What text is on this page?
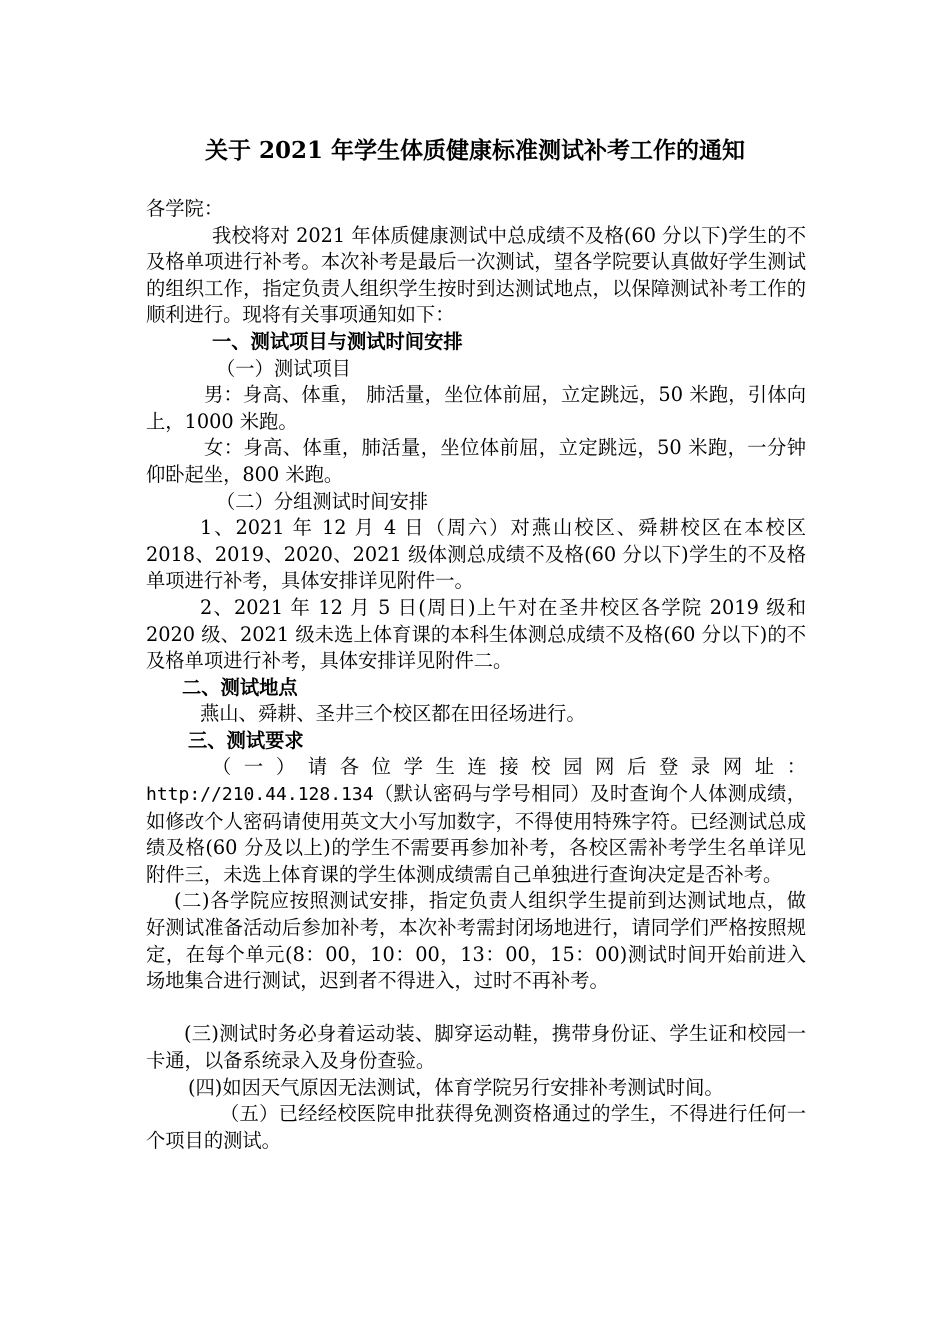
关于 2021 年学生体质健康标准测试补考工作的通知

各学院：

我校将对 2021 年体质健康测试中总成绩不及格(60 分以下)学生的不及格单项进行补考。本次补考是最后一次测试，望各学院要认真做好学生测试的组织工作，指定负责人组织学生按时到达测试地点，以保障测试补考工作的顺利进行。现将有关事项通知如下：

一、测试项目与测试时间安排

（一）测试项目

男：身高、体重， 肺活量，坐位体前屈，立定跳远，50 米跑，引体向上，1000 米跑。

女：身高、体重，肺活量，坐位体前屈，立定跳远，50 米跑，一分钟仰卧起坐，800 米跑。

（二）分组测试时间安排

1、2021 年 12 月 4 日（周六）对燕山校区、舜耕校区在本校区 2018、2019、2020、2021 级体测总成绩不及格(60 分以下)学生的不及格单项进行补考，具体安排详见附件一。

2、2021 年 12 月 5 日(周日)上午对在圣井校区各学院 2019 级和 2020 级、2021 级未选上体育课的本科生体测总成绩不及格(60 分以下)的不及格单项进行补考，具体安排详见附件二。

二、测试地点

燕山、舜耕、圣井三个校区都在田径场进行。

三、测试要求

（一）请各位学生连接校园网后登录网址：

http://210.44.128.134（默认密码与学号相同）及时查询个人体测成绩，如修改个人密码请使用英文大小写加数字，不得使用特殊字符。已经测试总成绩及格(60 分及以上)的学生不需要再参加补考，各校区需补考学生名单详见附件三，未选上体育课的学生体测成绩需自己单独进行查询决定是否补考。

(二)各学院应按照测试安排，指定负责人组织学生提前到达测试地点，做好测试准备活动后参加补考，本次补考需封闭场地进行，请同学们严格按照规定，在每个单元(8：00，10：00，13：00，15：00)测试时间开始前进入场地集合进行测试，迟到者不得进入，过时不再补考。

(三)测试时务必身着运动装、脚穿运动鞋，携带身份证、学生证和校园一卡通，以备系统录入及身份查验。

(四)如因天气原因无法测试，体育学院另行安排补考测试时间。

（五）已经经校医院申批获得免测资格通过的学生，不得进行任何一个项目的测试。
